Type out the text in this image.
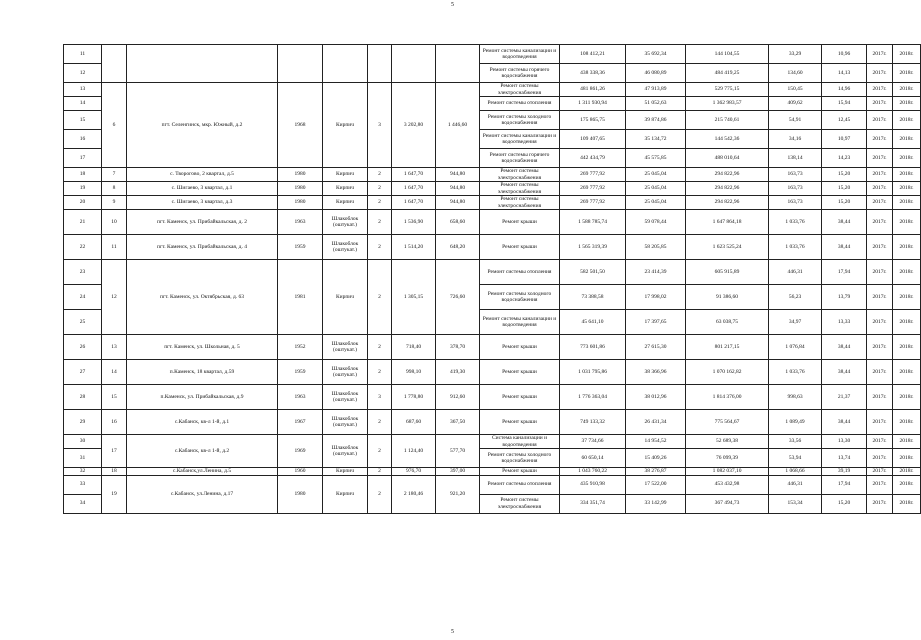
5
11								Ремонт системы канализации и водоотведения	108 412,21	35 692,34	144 104,55	33,29	10,96	2017г.	2018г.
12								Ремонт системы горячего водоснабжения	438 338,36	46 080,89	484 419,25	134,60	14,13	2017г.	2018г.
13	6	пгт. Селенгинск, мкр. Южный, д.2	1968	Кирпич	3	3 202,80	1 446,60	Ремонт системы электроснабжения	481 861,26	47 913,89	529 775,15	150,45	14,96	2017г.	2018г.
14								Ремонт системы отопления	1 311 930,94	51 052,63	1 362 983,57	409,62	15,94	2017г.	2018г.
15								Ремонт системы холодного водоснабжения	175 865,75	39 874,86	215 740,61	54,91	12,45	2017г.	2018г.
16								Ремонт системы канализации и водоотведения	109 407,65	35 134,72	144 542,36	34,16	10,97	2017г.	2018г.
17								Ремонт системы горячего водоснабжения	442 434,79	45 575,85	488 010,64	138,14	14,23	2017г.	2018г.
18	7	с. Творогово, 2 квартал, д.5	1980	Кирпич	2	1 647,70	944,80	Ремонт системы электроснабжения	269 777,92	25 045,04	294 822,96	163,73	15,20	2017г.	2018г.
19	8	с. Шигаево, 3 квартал, д.1	1980	Кирпич	2	1 647,70	944,80	Ремонт системы электроснабжения	269 777,92	25 045,04	294 822,96	163,73	15,20	2017г.	2018г.
20	9	с. Шигаево, 3 квартал, д.3	1980	Кирпич	2	1 647,70	944,80	Ремонт системы электроснабжения	269 777,92	25 045,04	294 822,96	163,73	15,20	2017г.	2018г.
21	10	пгт. Каменск, ул. Прибайкальская, д. 2	1963	Шлакоблок (оштукат.)	2	1 536,90	658,60	Ремонт крыши	1 588 785,74	59 078,44	1 647 864,18	1 033,76	38,44	2017г.	2018г.
22	11	пгт. Каменск, ул. Прибайкальская, д. 4	1959	Шлакоблок (оштукат.)	2	1 514,20	648,20	Ремонт крыши	1 565 319,39	58 205,85	1 623 525,24	1 033,76	38,44	2017г.	2018г.
23	12	пгт. Каменск, ул. Октябрьская, д. 63	1981	Кирпич	2	1 305,15	726,60	Ремонт системы отопления	582 501,50	23 414,39	605 915,89	446,31	17,94	2017г.	2018г.
24								Ремонт системы холодного водоснабжения	73 388,58	17 998,02	91 386,60	56,23	13,79	2017г.	2018г.
25								Ремонт системы канализации и водоотведения	45 641,10	17 397,65	63 038,75	34,97	13,33	2017г.	2018г.
26	13	пгт. Каменск, ул. Школьная, д. 5	1952	Шлакоблок (оштукат.)	2	718,40	378,70	Ремонт крыши	773 601,86	27 615,30	801 217,15	1 076,84	38,44	2017г.	2018г.
27	14	п.Каменск, 18 квартал, д.59	1959	Шлакоблок (оштукат.)	2	998,10	419,30	Ремонт крыши	1 031 795,86	38 366,96	1 070 162,82	1 033,76	38,44	2017г.	2018г.
28	15	п.Каменск, ул. Прибайкальская, д.9	1963	Шлакоблок (оштукат.)	3	1 778,80	912,60	Ремонт крыши	1 776 363,04	38 012,96	1 814 376,00	998,63	21,37	2017г.	2018г.
29	16	с.Кабанск, кв-л 1-й, д.1	1967	Шлакоблок (оштукат.)	2	687,60	367,50	Ремонт крыши	749 133,32	26 431,34	775 564,67	1 089,49	38,44	2017г.	2018г.
30	17	с.Кабанск, кв-л 1-й, д.2	1969	Шлакоблок (оштукат.)	2	1 124,40	577,70	Система канализации и водоотведения	37 734,66	14 954,52	52 689,38	33,56	13,30	2017г.	2018г.
31								Ремонт системы холодного водоснабжения	60 650,14	15 409,26	76 099,39	53,94	13,74	2017г.	2018г.
32	18	с.Кабанск,ул.Ленина, д.5	1960	Кирпич	2	976,70	397,00	Ремонт крыши	1 043 760,22	38 276,87	1 082 037,10	1 068,66	39,19	2017г.	2018г.
33	19	с.Кабанск, ул.Ленина, д.17	1980	Кирпич	2	2 180,46	921,20	Ремонт системы отопления	435 910,98	17 522,00	453 432,98	446,31	17,94	2017г.	2018г.
34								Ремонт системы электроснабжения	334 351,74	33 142,99	367 494,73	153,34	15,20	2017г.	2018г.
5
